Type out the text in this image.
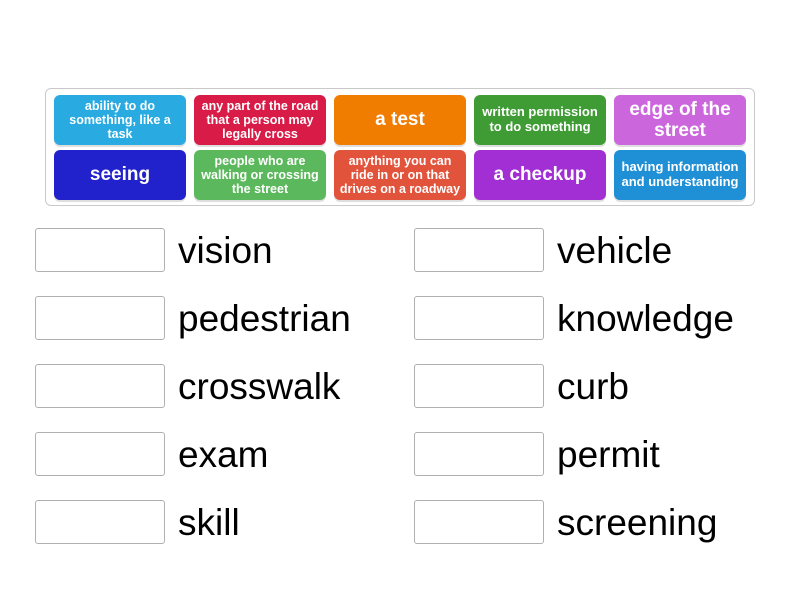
ability to do something, like a task
any part of the road that a person may legally cross
a test	written permission to do something
edge of the street
seeing
people who are walking or crossing the street
anything you can ride in or on that drives on a roadway
a checkup	having information and understanding
vision
pedestrian
crosswalk
exam
skill
vehicle
knowledge
curb
permit
screening
